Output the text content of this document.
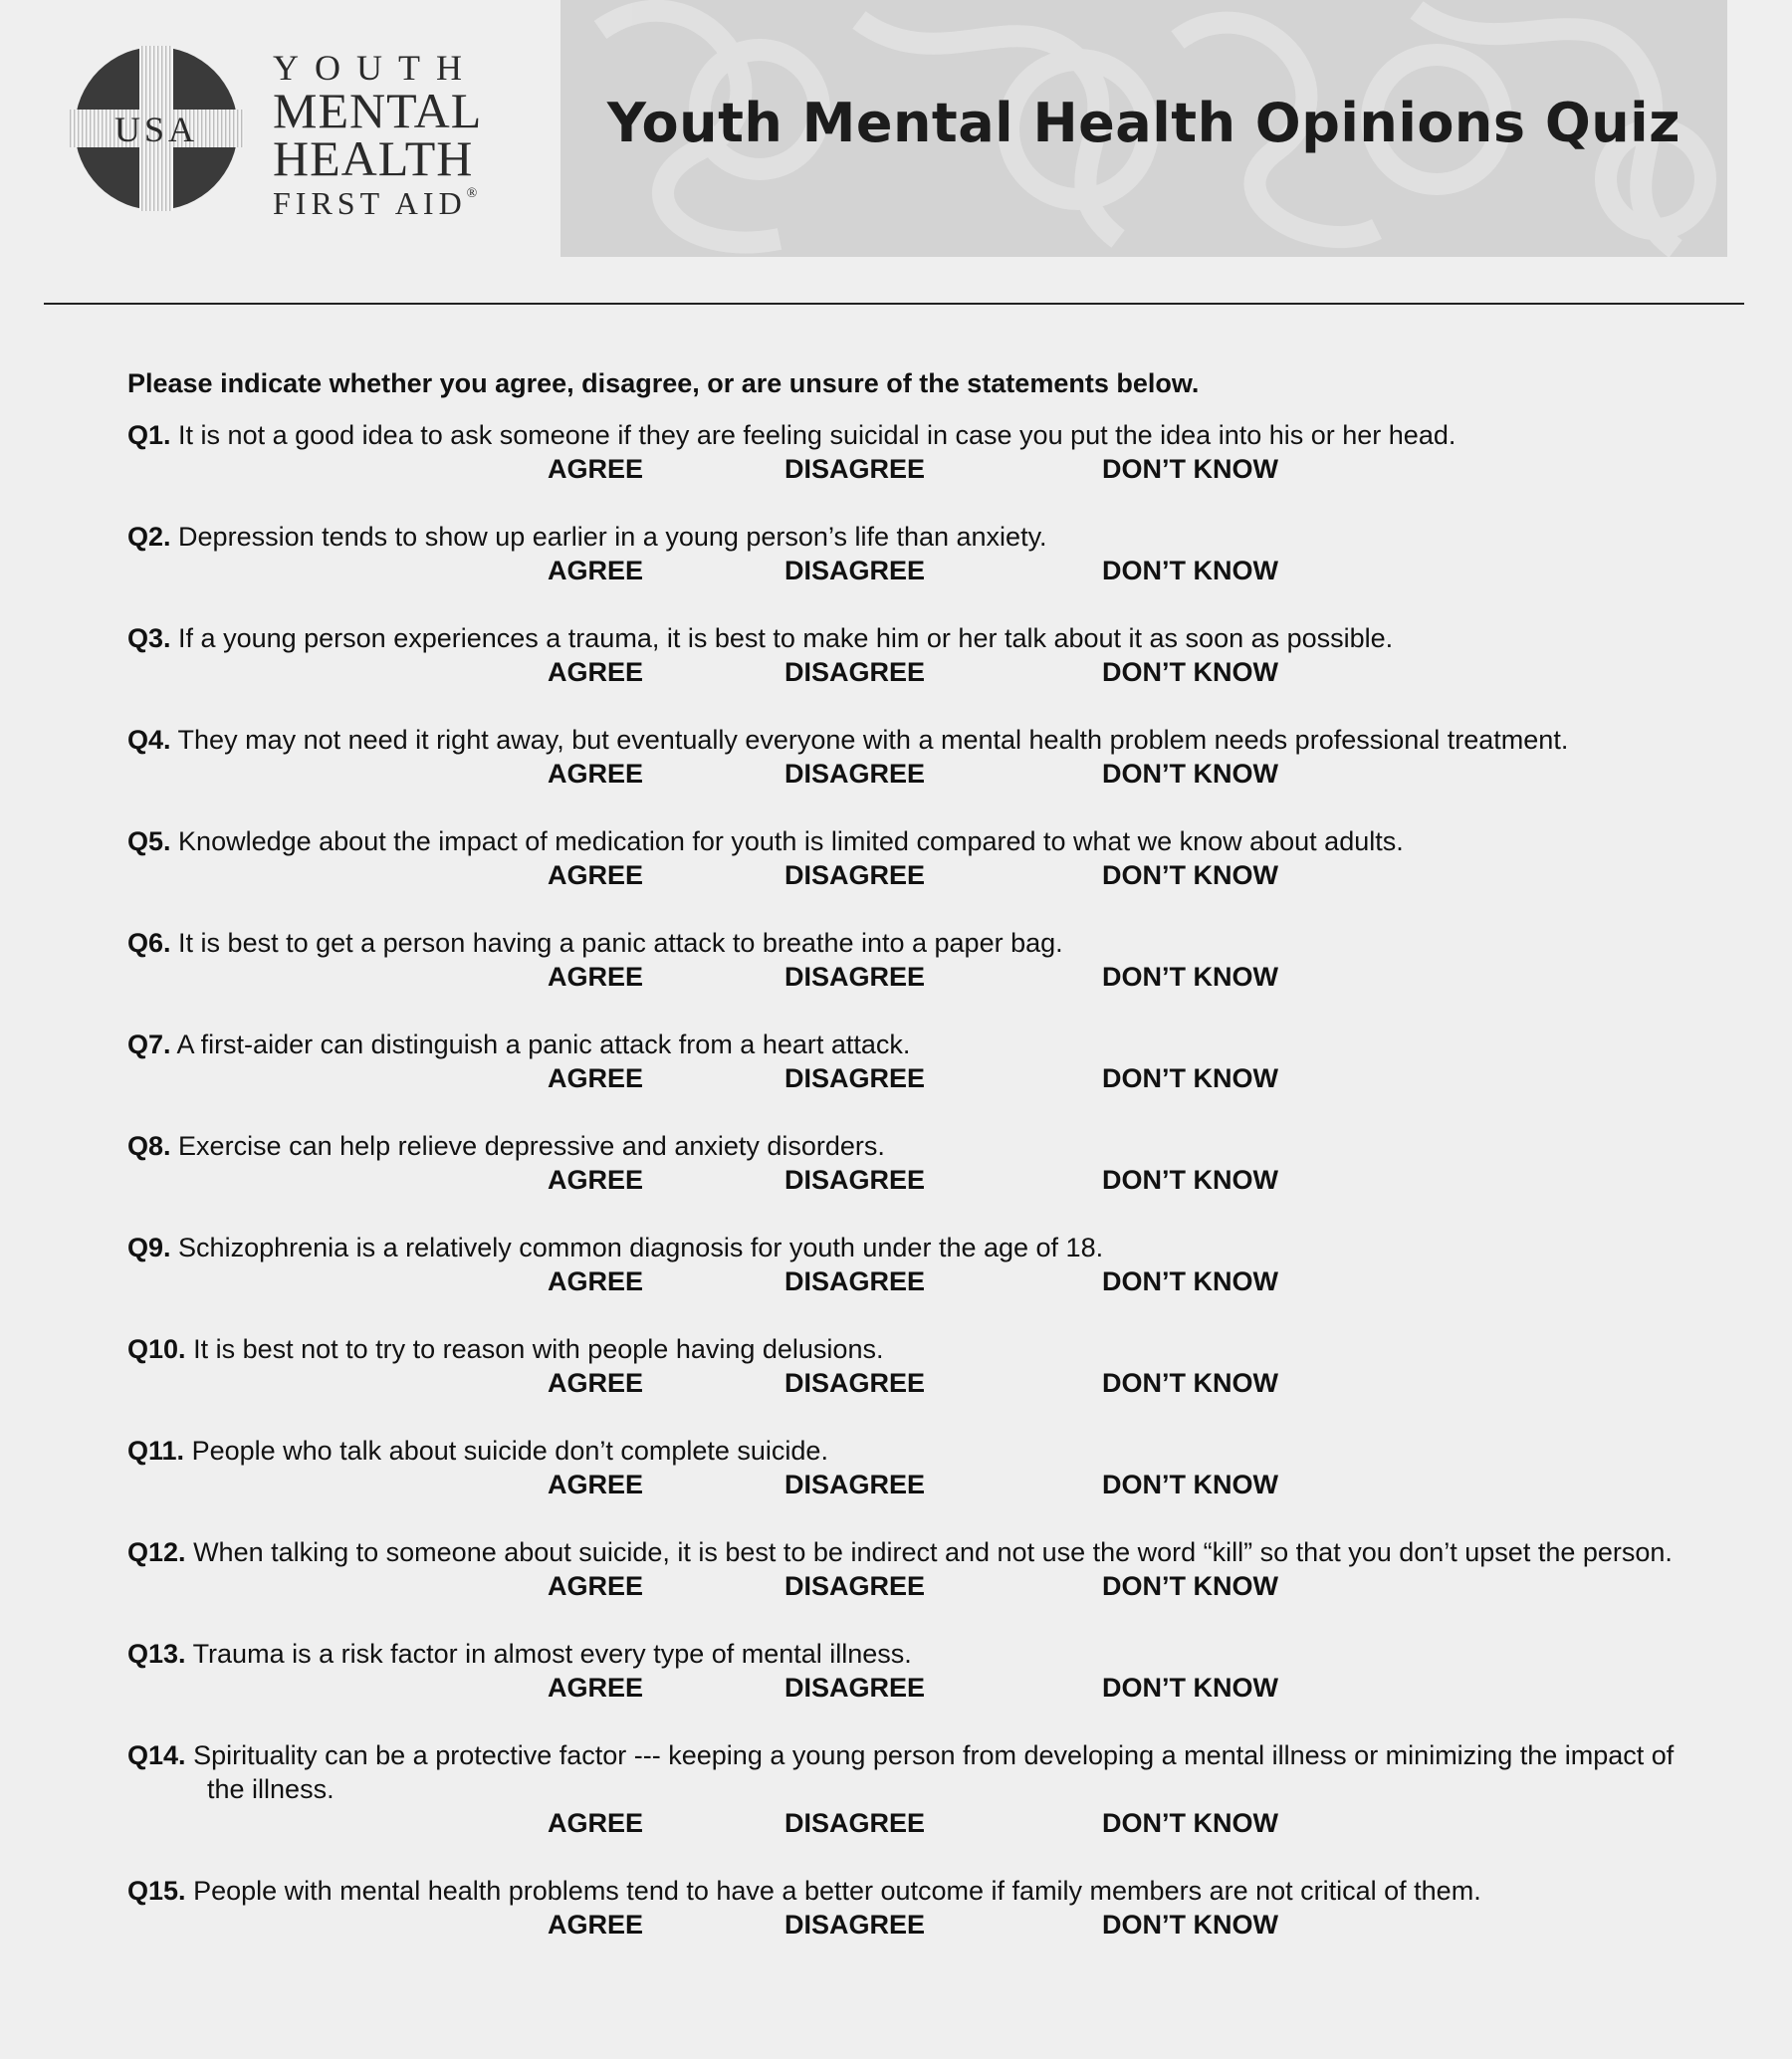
USA
YOUTH
MENTAL
HEALTH
FIRST AID®
Youth Mental Health Opinions Quiz

Please indicate whether you agree, disagree, or are unsure of the statements below.

Q1. It is not a good idea to ask someone if they are feeling suicidal in case you put the idea into his or her head.
AGREE	DISAGREE	DON’T KNOW
Q2. Depression tends to show up earlier in a young person’s life than anxiety.
AGREE	DISAGREE	DON’T KNOW
Q3. If a young person experiences a trauma, it is best to make him or her talk about it as soon as possible.
AGREE	DISAGREE	DON’T KNOW
Q4. They may not need it right away, but eventually everyone with a mental health problem needs professional treatment.
AGREE	DISAGREE	DON’T KNOW
Q5. Knowledge about the impact of medication for youth is limited compared to what we know about adults.
AGREE	DISAGREE	DON’T KNOW
Q6. It is best to get a person having a panic attack to breathe into a paper bag.
AGREE	DISAGREE	DON’T KNOW
Q7. A first-aider can distinguish a panic attack from a heart attack.
AGREE	DISAGREE	DON’T KNOW
Q8. Exercise can help relieve depressive and anxiety disorders.
AGREE	DISAGREE	DON’T KNOW
Q9. Schizophrenia is a relatively common diagnosis for youth under the age of 18.
AGREE	DISAGREE	DON’T KNOW
Q10. It is best not to try to reason with people having delusions.
AGREE	DISAGREE	DON’T KNOW
Q11. People who talk about suicide don’t complete suicide.
AGREE	DISAGREE	DON’T KNOW
Q12. When talking to someone about suicide, it is best to be indirect and not use the word “kill” so that you don’t upset the person.
AGREE	DISAGREE	DON’T KNOW
Q13. Trauma is a risk factor in almost every type of mental illness.
AGREE	DISAGREE	DON’T KNOW
Q14. Spirituality can be a protective factor --- keeping a young person from developing a mental illness or minimizing the impact of the illness.
AGREE	DISAGREE	DON’T KNOW
Q15. People with mental health problems tend to have a better outcome if family members are not critical of them.
AGREE	DISAGREE	DON’T KNOW
